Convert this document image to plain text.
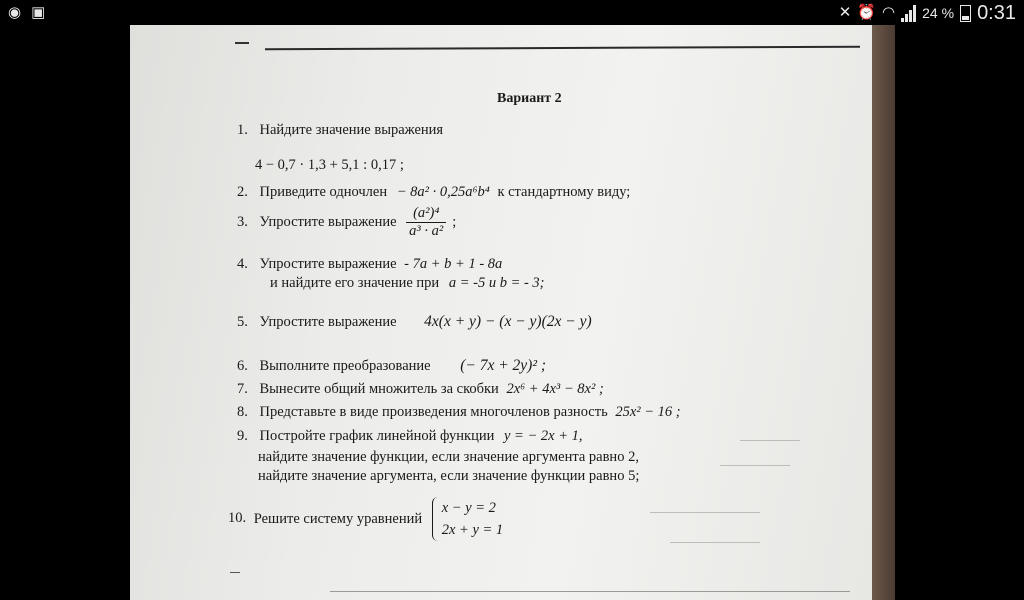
◉ ▣	✕ ⏰ ◠ 24 % 0:31
Вариант 2
1. Найдите значение выражения
4 − 0,7 · 1,3 + 5,1 : 0,17 ;
2. Приведите одночлен − 8a² · 0,25a⁶b⁴ к стандартному виду;
3. Упростите выражение $\frac{\text{(a²)⁴}}{\text{a³ · a²}}$ ;
4. Упростите выражение - 7a + b + 1 - 8a
и найдите его значение при a = -5 и b = - 3;
5. Упростите выражение 4x(x + y) − (x − y)(2x − y)
6. Выполните преобразование (− 7x + 2y)² ;
7. Вынесите общий множитель за скобки 2x⁶ + 4x³ − 8x² ;
8. Представьте в виде произведения многочленов разность 25x² − 16 ;
9. Постройте график линейной функции y = − 2x + 1,
найдите значение функции, если значение аргумента равно 2,
найдите значение аргумента, если значение функции равно 5;
10. Решите систему уравнений
x − y = 2
2x + y = 1
